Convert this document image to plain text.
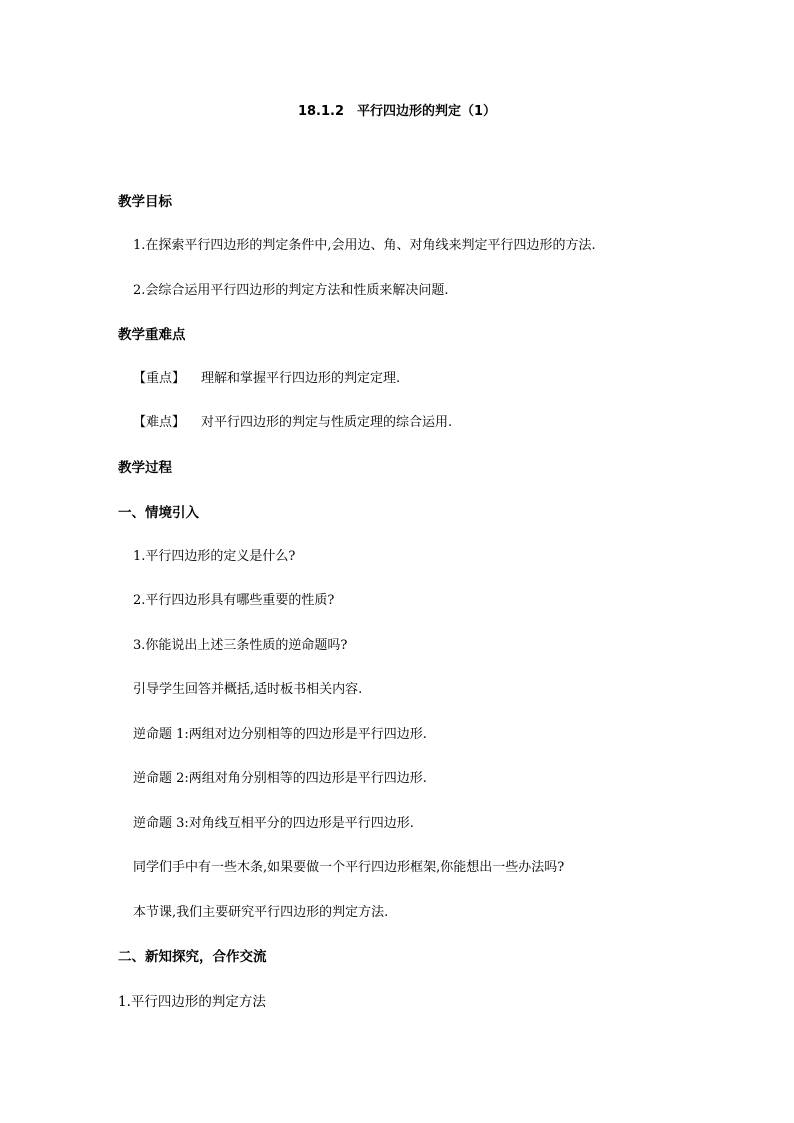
18.1.2　平行四边形的判定（1）
教学目标
1.在探索平行四边形的判定条件中,会用边、角、对角线来判定平行四边形的方法.
2.会综合运用平行四边形的判定方法和性质来解决问题.
教学重难点
【重点】 理解和掌握平行四边形的判定定理.
【难点】 对平行四边形的判定与性质定理的综合运用.
教学过程
一、情境引入
1.平行四边形的定义是什么?
2.平行四边形具有哪些重要的性质?
3.你能说出上述三条性质的逆命题吗?
引导学生回答并概括,适时板书相关内容.
逆命题 1:两组对边分别相等的四边形是平行四边形.
逆命题 2:两组对角分别相等的四边形是平行四边形.
逆命题 3:对角线互相平分的四边形是平行四边形.
同学们手中有一些木条,如果要做一个平行四边形框架,你能想出一些办法吗?
本节课,我们主要研究平行四边形的判定方法.
二、新知探究，合作交流
1.平行四边形的判定方法
